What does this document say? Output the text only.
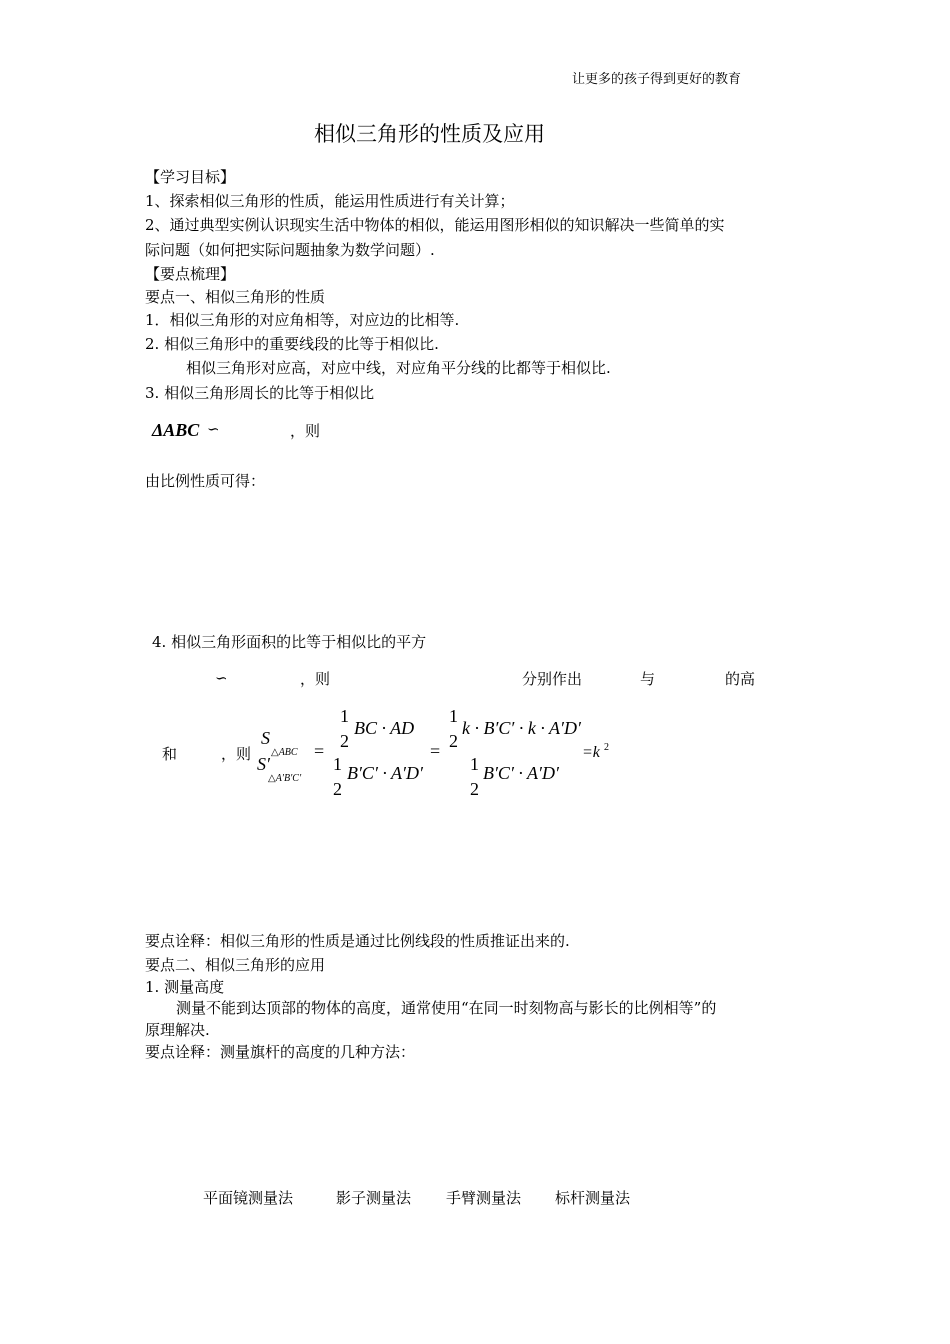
让更多的孩子得到更好的教育
相似三角形的性质及应用
【学习目标】
1、探索相似三角形的性质，能运用性质进行有关计算；
2、通过典型实例认识现实生活中物体的相似，能运用图形相似的知识解决一些简单的实
际问题（如何把实际问题抽象为数学问题）.
【要点梳理】
要点一、相似三角形的性质
1．相似三角形的对应角相等，对应边的比相等.
2. 相似三角形中的重要线段的比等于相似比.
相似三角形对应高，对应中线，对应角平分线的比都等于相似比.
3. 相似三角形周长的比等于相似比
ΔABC ∽	，则
由比例性质可得：
4. 相似三角形面积的比等于相似比的平方
∽	，则	分别作出	与	的高
和	，则
S
△ABC
S′
△A′B′C′
=
1
2
BC · AD
1
2
B′C′ · A′D′
=
1
2
k · B′C′ · k · A′D′
1
2
B′C′ · A′D′
=k 2
要点诠释：相似三角形的性质是通过比例线段的性质推证出来的.
要点二、相似三角形的应用
1. 测量高度
测量不能到达顶部的物体的高度，通常使用“在同一时刻物高与影长的比例相等”的
原理解决.
要点诠释：测量旗杆的高度的几种方法：
平面镜测量法	影子测量法 手臂测量法 标杆测量法
